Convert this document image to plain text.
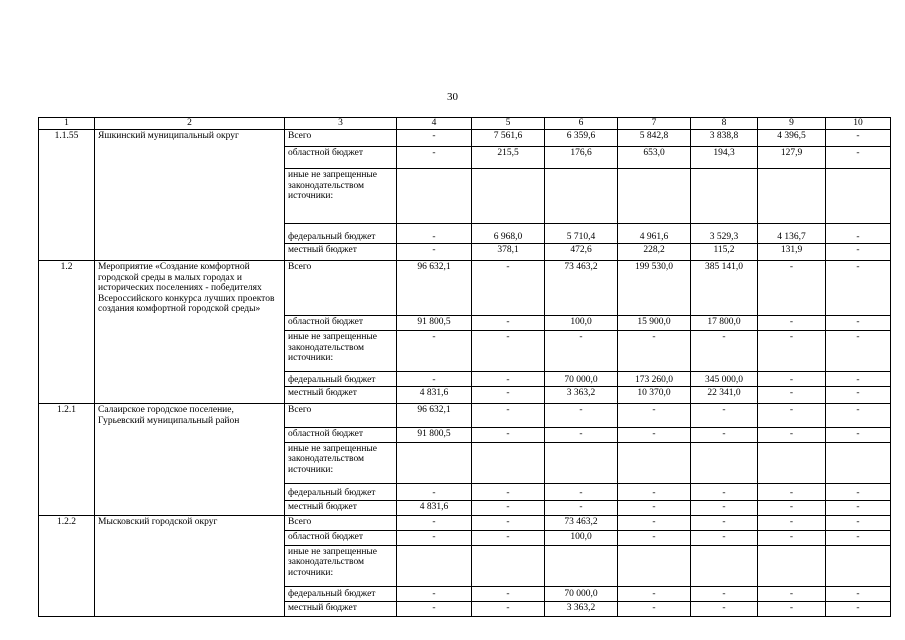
30
1	2	3	4	5	6	7	8	9	10
1.1.55	Яшкинский муниципальный округ	Всего	-	7 561,6	6 359,6	5 842,8	3 838,8	4 396,5	-
		областной бюджет	-	215,5	176,6	653,0	194,3	127,9	-
		иные не запрещенные законодательством источники:							
		федеральный бюджет	-	6 968,0	5 710,4	4 961,6	3 529,3	4 136,7	-
		местный бюджет	-	378,1	472,6	228,2	115,2	131,9	-
1.2	Мероприятие «Создание комфортной городской среды в малых городах и исторических поселениях - победителях Всероссийского конкурса лучших проектов создания комфортной городской среды»	Всего	96 632,1	-	73 463,2	199 530,0	385 141,0	-	-
		областной бюджет	91 800,5	-	100,0	15 900,0	17 800,0	-	-
		иные не запрещенные законодательством источники:	-	-	-	-	-	-	-
		федеральный бюджет	-	-	70 000,0	173 260,0	345 000,0	-	-
		местный бюджет	4 831,6	-	3 363,2	10 370,0	22 341,0	-	-
1.2.1	Салаирское городское поселение, Гурьевский муниципальный район	Всего	96 632,1	-	-	-	-	-	-
		областной бюджет	91 800,5	-	-	-	-	-	-
		иные не запрещенные законодательством источники:							
		федеральный бюджет	-	-	-	-	-	-	-
		местный бюджет	4 831,6	-	-	-	-	-	-
1.2.2	Мысковский городской округ	Всего	-	-	73 463,2	-	-	-	-
		областной бюджет	-	-	100,0	-	-	-	-
		иные не запрещенные законодательством источники:							
		федеральный бюджет	-	-	70 000,0	-	-	-	-
		местный бюджет	-	-	3 363,2	-	-	-	-
